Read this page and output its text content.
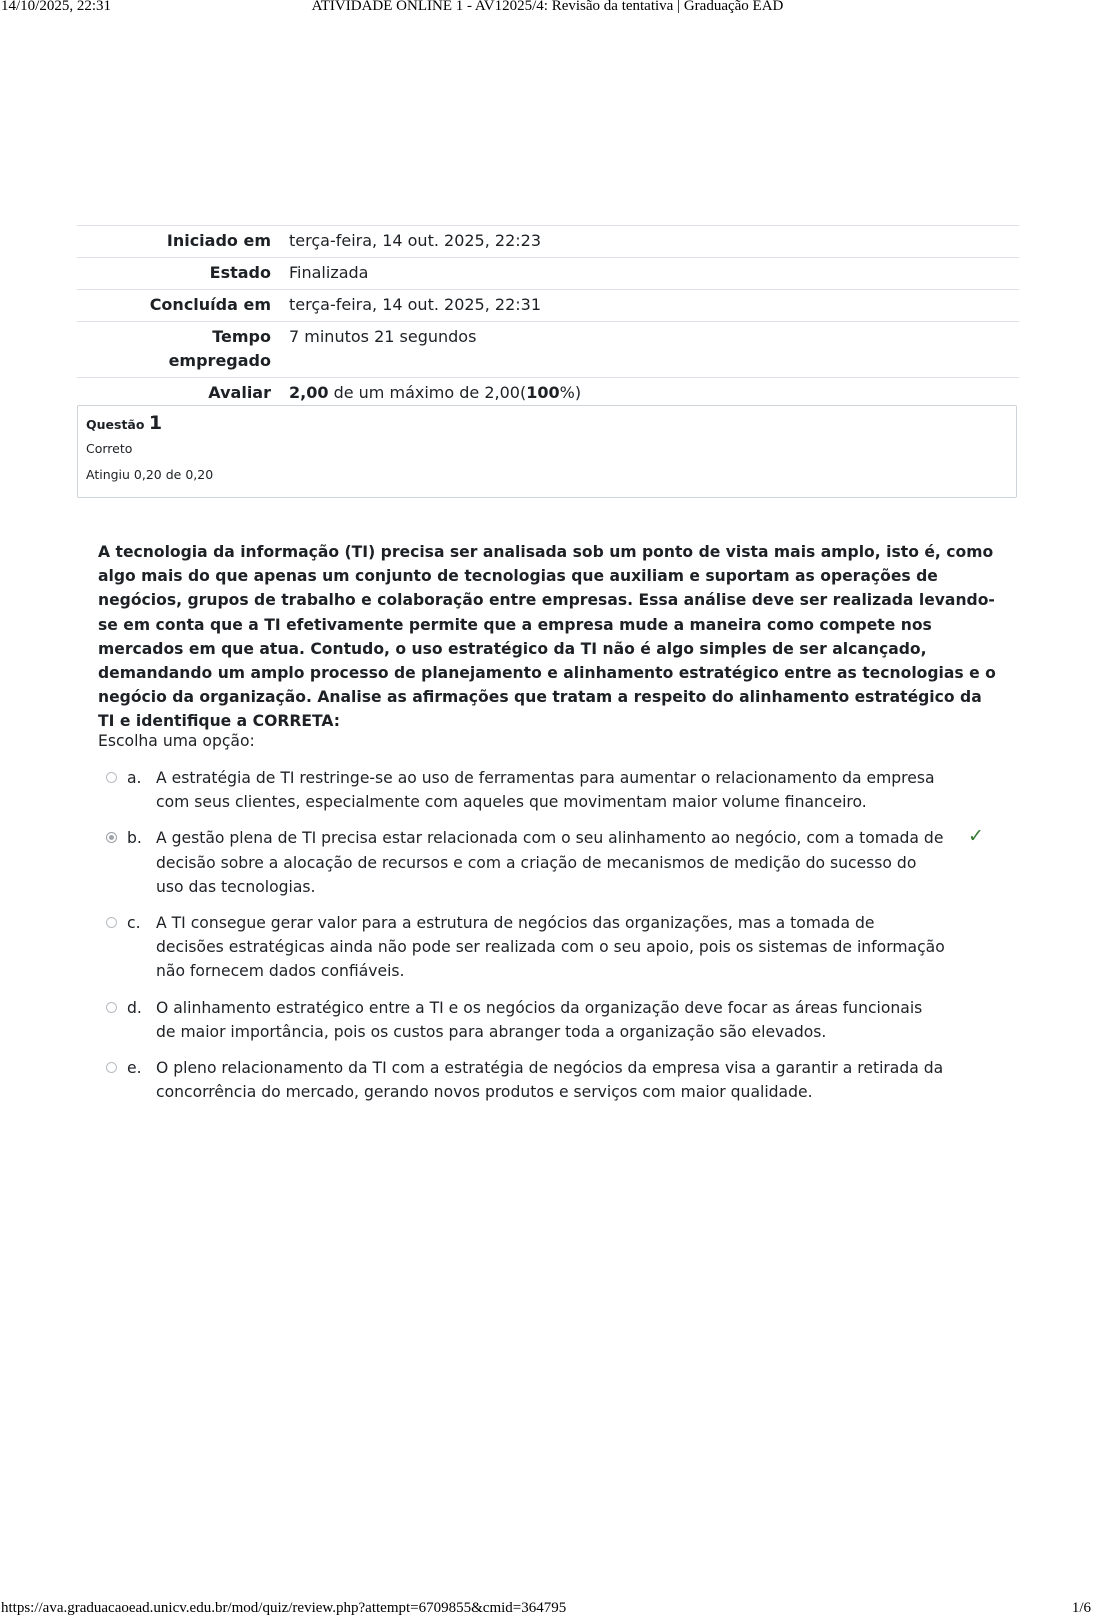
14/10/2025, 22:31	ATIVIDADE ONLINE 1 - AV12025/4: Revisão da tentativa | Graduação EAD
Iniciado em	terça-feira, 14 out. 2025, 22:23
Estado	Finalizada
Concluída em	terça-feira, 14 out. 2025, 22:31
Tempo empregado	7 minutos 21 segundos
Avaliar	2,00 de um máximo de 2,00(100%)
Questão 1
Correto
Atingiu 0,20 de 0,20
A tecnologia da informação (TI) precisa ser analisada sob um ponto de vista mais amplo, isto é, como algo mais do que apenas um conjunto de tecnologias que auxiliam e suportam as operações de negócios, grupos de trabalho e colaboração entre empresas. Essa análise deve ser realizada levando-se em conta que a TI efetivamente permite que a empresa mude a maneira como compete nos mercados em que atua. Contudo, o uso estratégico da TI não é algo simples de ser alcançado, demandando um amplo processo de planejamento e alinhamento estratégico entre as tecnologias e o negócio da organização. Analise as afirmações que tratam a respeito do alinhamento estratégico da TI e identifique a CORRETA:
Escolha uma opção:
a. A estratégia de TI restringe-se ao uso de ferramentas para aumentar o relacionamento da empresa com seus clientes, especialmente com aqueles que movimentam maior volume financeiro.
b. A gestão plena de TI precisa estar relacionada com o seu alinhamento ao negócio, com a tomada de decisão sobre a alocação de recursos e com a criação de mecanismos de medição do sucesso do uso das tecnologias.
✓
c. A TI consegue gerar valor para a estrutura de negócios das organizações, mas a tomada de decisões estratégicas ainda não pode ser realizada com o seu apoio, pois os sistemas de informação não fornecem dados confiáveis.
d. O alinhamento estratégico entre a TI e os negócios da organização deve focar as áreas funcionais de maior importância, pois os custos para abranger toda a organização são elevados.
e. O pleno relacionamento da TI com a estratégia de negócios da empresa visa a garantir a retirada da concorrência do mercado, gerando novos produtos e serviços com maior qualidade.
https://ava.graduacaoead.unicv.edu.br/mod/quiz/review.php?attempt=6709855&cmid=364795	1/6
